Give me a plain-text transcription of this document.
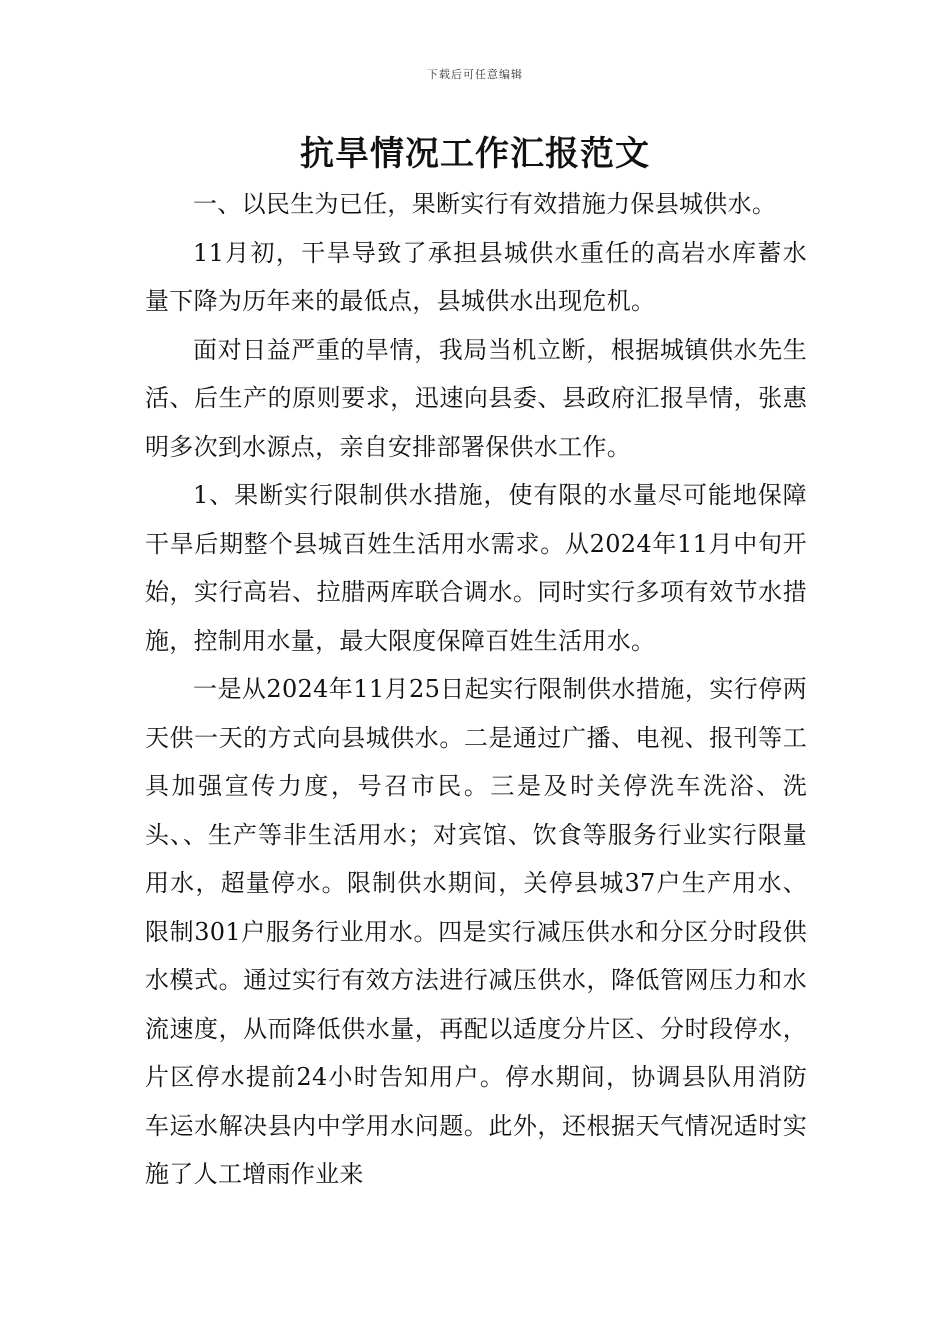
下载后可任意编辑
抗旱情况工作汇报范文

一、以民生为已任，果断实行有效措施力保县城供水。

11月初，干旱导致了承担县城供水重任的高岩水库蓄水量下降为历年来的最低点，县城供水出现危机。

面对日益严重的旱情，我局当机立断，根据城镇供水先生活、后生产的原则要求，迅速向县委、县政府汇报旱情，张惠明多次到水源点，亲自安排部署保供水工作。

1、果断实行限制供水措施，使有限的水量尽可能地保障干旱后期整个县城百姓生活用水需求。从2024年11月中旬开始，实行高岩、拉腊两库联合调水。同时实行多项有效节水措施，控制用水量，最大限度保障百姓生活用水。

一是从2024年11月25日起实行限制供水措施，实行停两天供一天的方式向县城供水。二是通过广播、电视、报刊等工具加强宣传力度，号召市民。三是及时关停洗车洗浴、洗头、、生产等非生活用水；对宾馆、饮食等服务行业实行限量用水，超量停水。限制供水期间，关停县城37户生产用水、限制301户服务行业用水。四是实行减压供水和分区分时段供水模式。通过实行有效方法进行减压供水，降低管网压力和水流速度，从而降低供水量，再配以适度分片区、分时段停水，片区停水提前24小时告知用户。停水期间，协调县队用消防车运水解决县内中学用水问题。此外，还根据天气情况适时实施了人工增雨作业来
